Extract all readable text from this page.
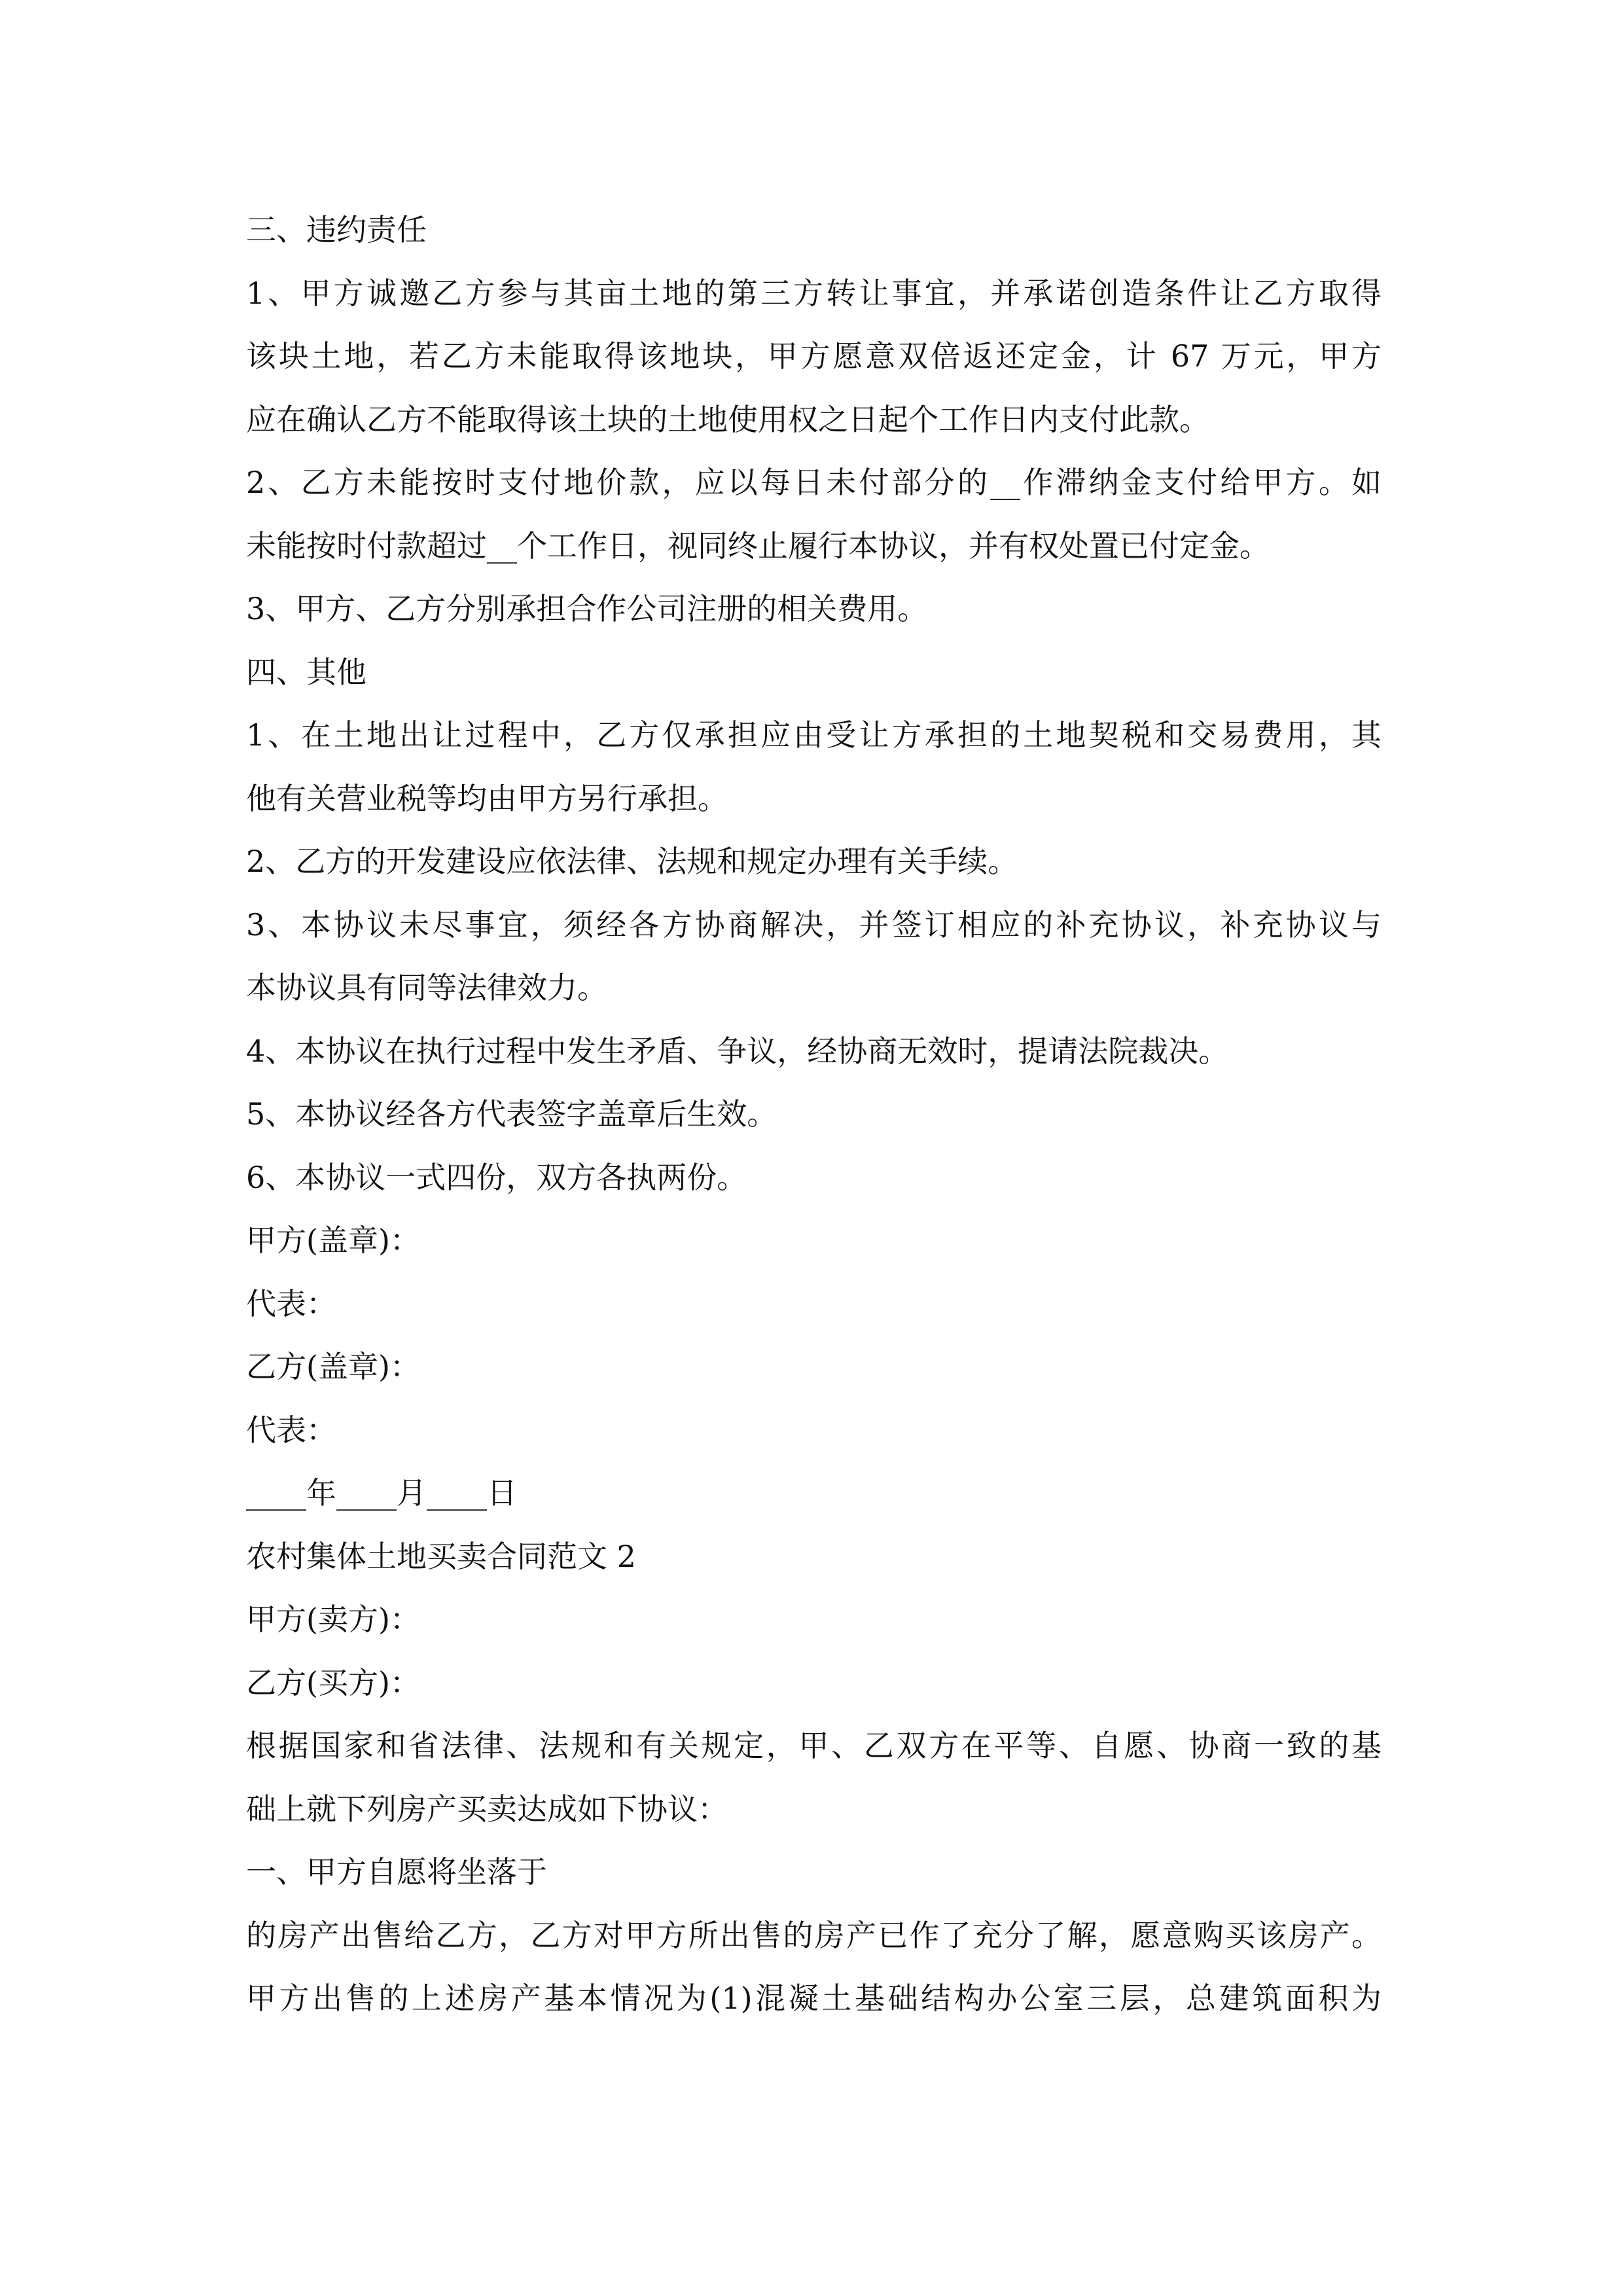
三、违约责任

1、甲方诚邀乙方参与其亩土地的第三方转让事宜，并承诺创造条件让乙方取得

该块土地，若乙方未能取得该地块，甲方愿意双倍返还定金，计 67 万元，甲方

应在确认乙方不能取得该土块的土地使用权之日起个工作日内支付此款。

2、乙方未能按时支付地价款，应以每日未付部分的__作滞纳金支付给甲方。如

未能按时付款超过__个工作日，视同终止履行本协议，并有权处置已付定金。

3、甲方、乙方分别承担合作公司注册的相关费用。

四、其他

1、在土地出让过程中，乙方仅承担应由受让方承担的土地契税和交易费用，其

他有关营业税等均由甲方另行承担。

2、乙方的开发建设应依法律、法规和规定办理有关手续。

3、本协议未尽事宜，须经各方协商解决，并签订相应的补充协议，补充协议与

本协议具有同等法律效力。

4、本协议在执行过程中发生矛盾、争议，经协商无效时，提请法院裁决。

5、本协议经各方代表签字盖章后生效。

6、本协议一式四份，双方各执两份。

甲方(盖章)：

代表：

乙方(盖章)：

代表：

____年____月____日

农村集体土地买卖合同范文 2

甲方(卖方)：

乙方(买方)：

根据国家和省法律、法规和有关规定，甲、乙双方在平等、自愿、协商一致的基

础上就下列房产买卖达成如下协议：

一、甲方自愿将坐落于

的房产出售给乙方，乙方对甲方所出售的房产已作了充分了解，愿意购买该房产。

甲方出售的上述房产基本情况为(1)混凝土基础结构办公室三层，总建筑面积为
